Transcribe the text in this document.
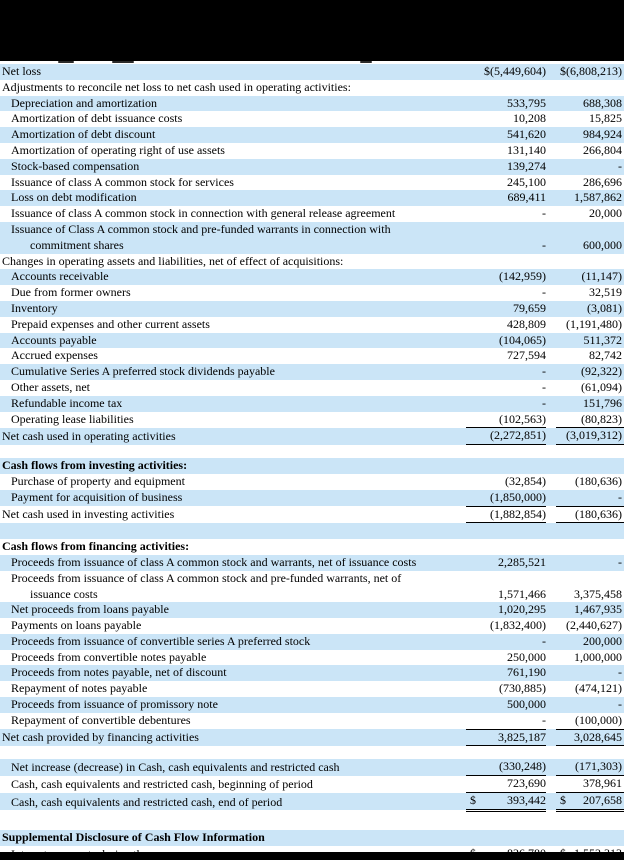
Net loss	$(5,449,604)		$(6,808,213)

Adjustments to reconcile net loss to net cash used in operating activities:			

Depreciation and amortization	533,795		688,308

Amortization of debt issuance costs	10,208		15,825

Amortization of debt discount	541,620		984,924

Amortization of operating right of use assets	131,140		266,804

Stock-based compensation	139,274		-

Issuance of class A common stock for services	245,100		286,696

Loss on debt modification	689,411		1,587,862

Issuance of class A common stock in connection with general release agreement	-		20,000

Issuance of Class A common stock and pre-funded warrants in connection with
commitment shares	-		600,000

Changes in operating assets and liabilities, net of effect of acquisitions:			

Accounts receivable	(142,959)		(11,147)

Due from former owners	-		32,519

Inventory	79,659		(3,081)

Prepaid expenses and other current assets	428,809		(1,191,480)

Accounts payable	(104,065)		511,372

Accrued expenses	727,594		82,742

Cumulative Series A preferred stock dividends payable	-		(92,322)

Other assets, net	-		(61,094)

Refundable income tax	-		151,796

Operating lease liabilities	(102,563)		(80,823)

Net cash used in operating activities	(2,272,851)		(3,019,312)

Cash flows from investing activities:			

Purchase of property and equipment	(32,854)		(180,636)

Payment for acquisition of business	(1,850,000)		-

Net cash used in investing activities	(1,882,854)		(180,636)

Cash flows from financing activities:			

Proceeds from issuance of class A common stock and warrants, net of issuance costs	2,285,521		-

Proceeds from issuance of class A common stock and pre-funded warrants, net of
issuance costs	1,571,466		3,375,458

Net proceeds from loans payable	1,020,295		1,467,935

Payments on loans payable	(1,832,400)		(2,440,627)

Proceeds from issuance of convertible series A preferred stock	-		200,000

Proceeds from convertible notes payable	250,000		1,000,000

Proceeds from notes payable, net of discount	761,190		-

Repayment of notes payable	(730,885)		(474,121)

Proceeds from issuance of promissory note	500,000		-

Repayment of convertible debentures	-		(100,000)

Net cash provided by financing activities	3,825,187		3,028,645

Net increase (decrease) in Cash, cash equivalents and restricted cash	(330,248)		(171,303)

Cash, cash equivalents and restricted cash, beginning of period	723,690		378,961

Cash, cash equivalents and restricted cash, end of period	$ 393,442		$ 207,658

Supplemental Disclosure of Cash Flow Information			
